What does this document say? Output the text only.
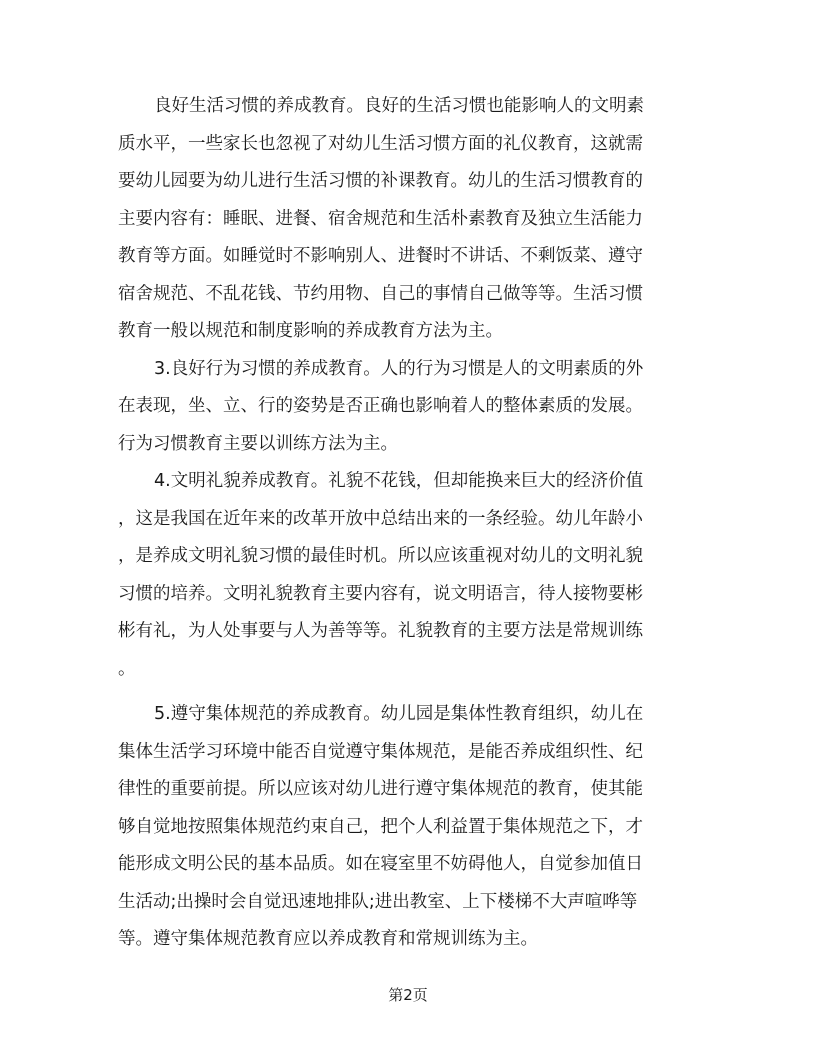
良好生活习惯的养成教育。良好的生活习惯也能影响人的文明素
质水平，一些家长也忽视了对幼儿生活习惯方面的礼仪教育，这就需
要幼儿园要为幼儿进行生活习惯的补课教育。幼儿的生活习惯教育的
主要内容有：睡眠、进餐、宿舍规范和生活朴素教育及独立生活能力
教育等方面。如睡觉时不影响别人、进餐时不讲话、不剩饭菜、遵守
宿舍规范、不乱花钱、节约用物、自己的事情自己做等等。生活习惯
教育一般以规范和制度影响的养成教育方法为主。
3.良好行为习惯的养成教育。人的行为习惯是人的文明素质的外
在表现，坐、立、行的姿势是否正确也影响着人的整体素质的发展。
行为习惯教育主要以训练方法为主。
4.文明礼貌养成教育。礼貌不花钱，但却能换来巨大的经济价值
，这是我国在近年来的改革开放中总结出来的一条经验。幼儿年龄小
，是养成文明礼貌习惯的最佳时机。所以应该重视对幼儿的文明礼貌
习惯的培养。文明礼貌教育主要内容有，说文明语言，待人接物要彬
彬有礼，为人处事要与人为善等等。礼貌教育的主要方法是常规训练
。
5.遵守集体规范的养成教育。幼儿园是集体性教育组织，幼儿在
集体生活学习环境中能否自觉遵守集体规范，是能否养成组织性、纪
律性的重要前提。所以应该对幼儿进行遵守集体规范的教育，使其能
够自觉地按照集体规范约束自己，把个人利益置于集体规范之下，才
能形成文明公民的基本品质。如在寝室里不妨碍他人，自觉参加值日
生活动;出操时会自觉迅速地排队;进出教室、上下楼梯不大声喧哗等
等。遵守集体规范教育应以养成教育和常规训练为主。
第2页
